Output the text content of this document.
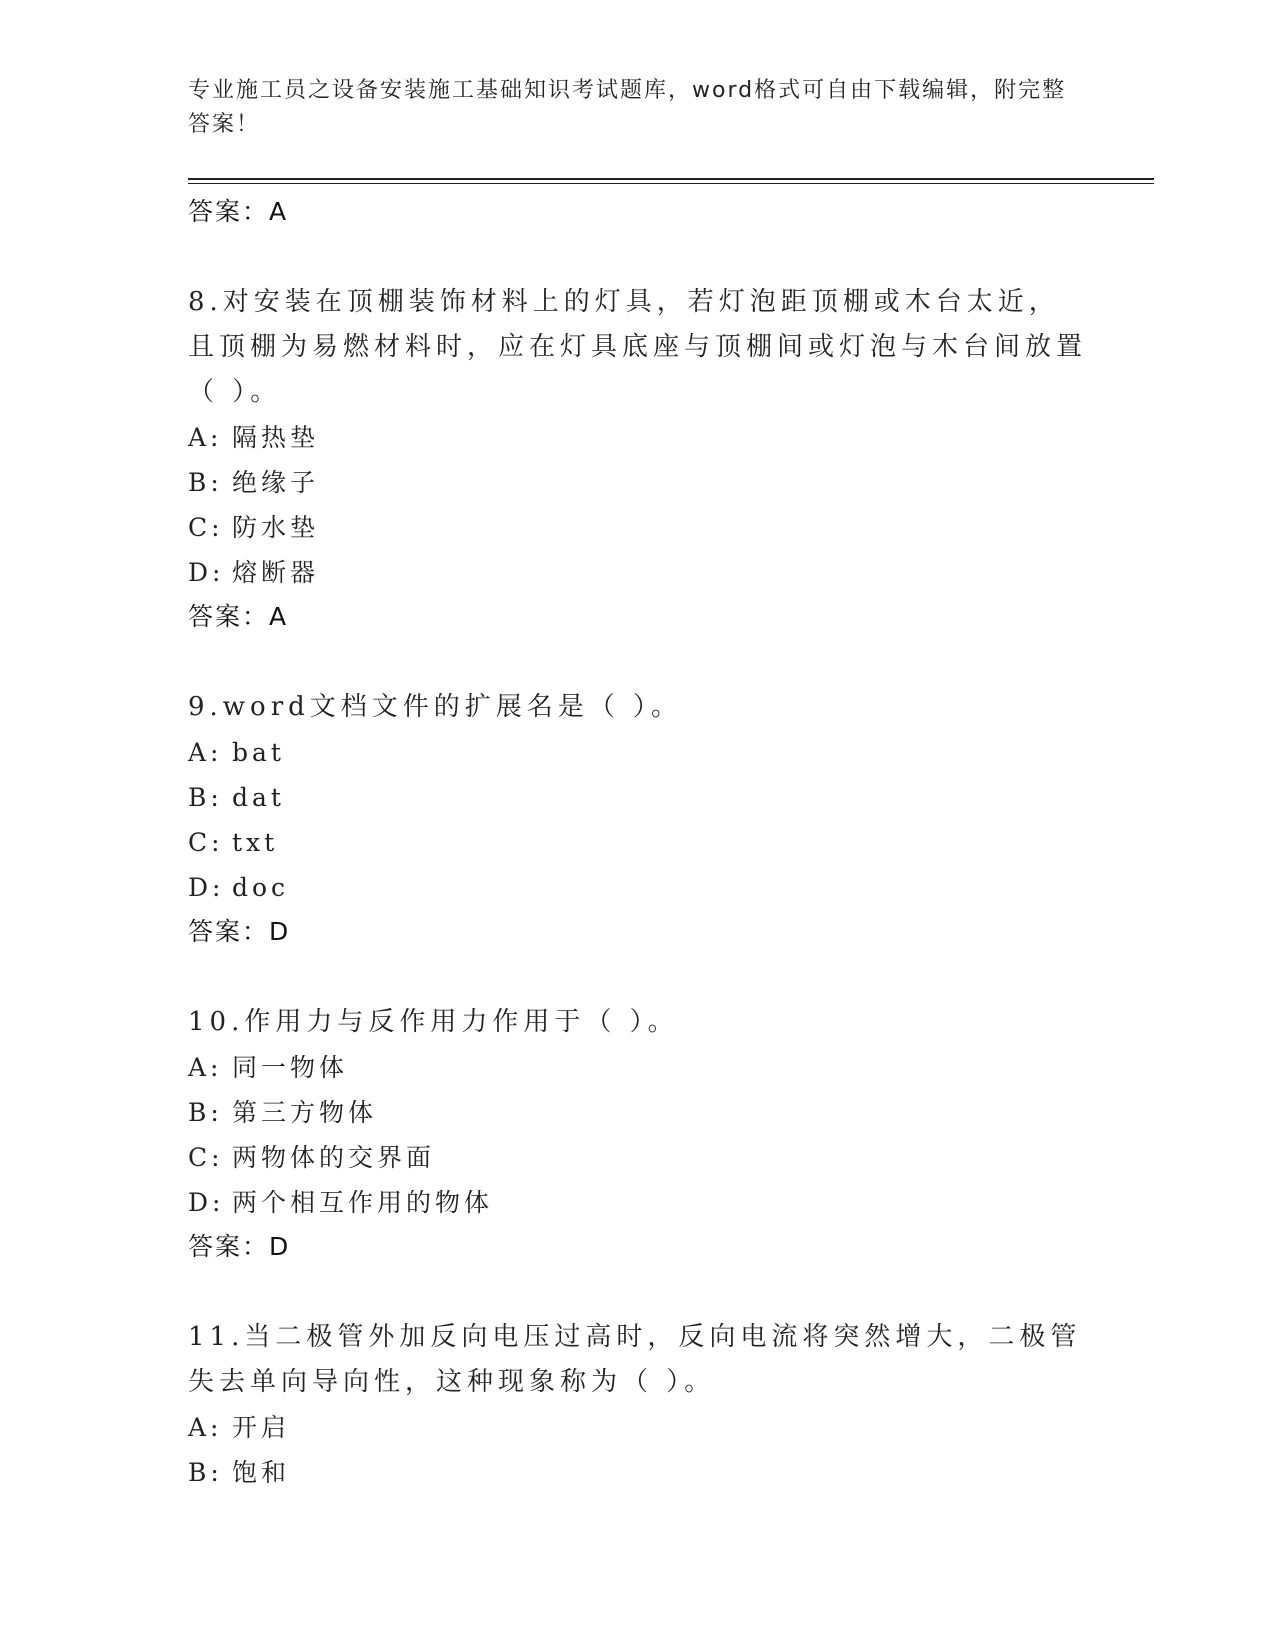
专业施工员之设备安装施工基础知识考试题库，word格式可自由下载编辑，附完整答案！
答案：A
8.对安装在顶棚装饰材料上的灯具，若灯泡距顶棚或木台太近，且顶棚为易燃材料时，应在灯具底座与顶棚间或灯泡与木台间放置（ ）。
A: 隔热垫
B: 绝缘子
C: 防水垫
D: 熔断器
答案：A
9.word文档文件的扩展名是（ ）。
A: bat
B: dat
C: txt
D: doc
答案：D
10.作用力与反作用力作用于（ ）。
A: 同一物体
B: 第三方物体
C: 两物体的交界面
D: 两个相互作用的物体
答案：D
11.当二极管外加反向电压过高时，反向电流将突然增大，二极管失去单向导向性，这种现象称为（ ）。
A: 开启
B: 饱和
